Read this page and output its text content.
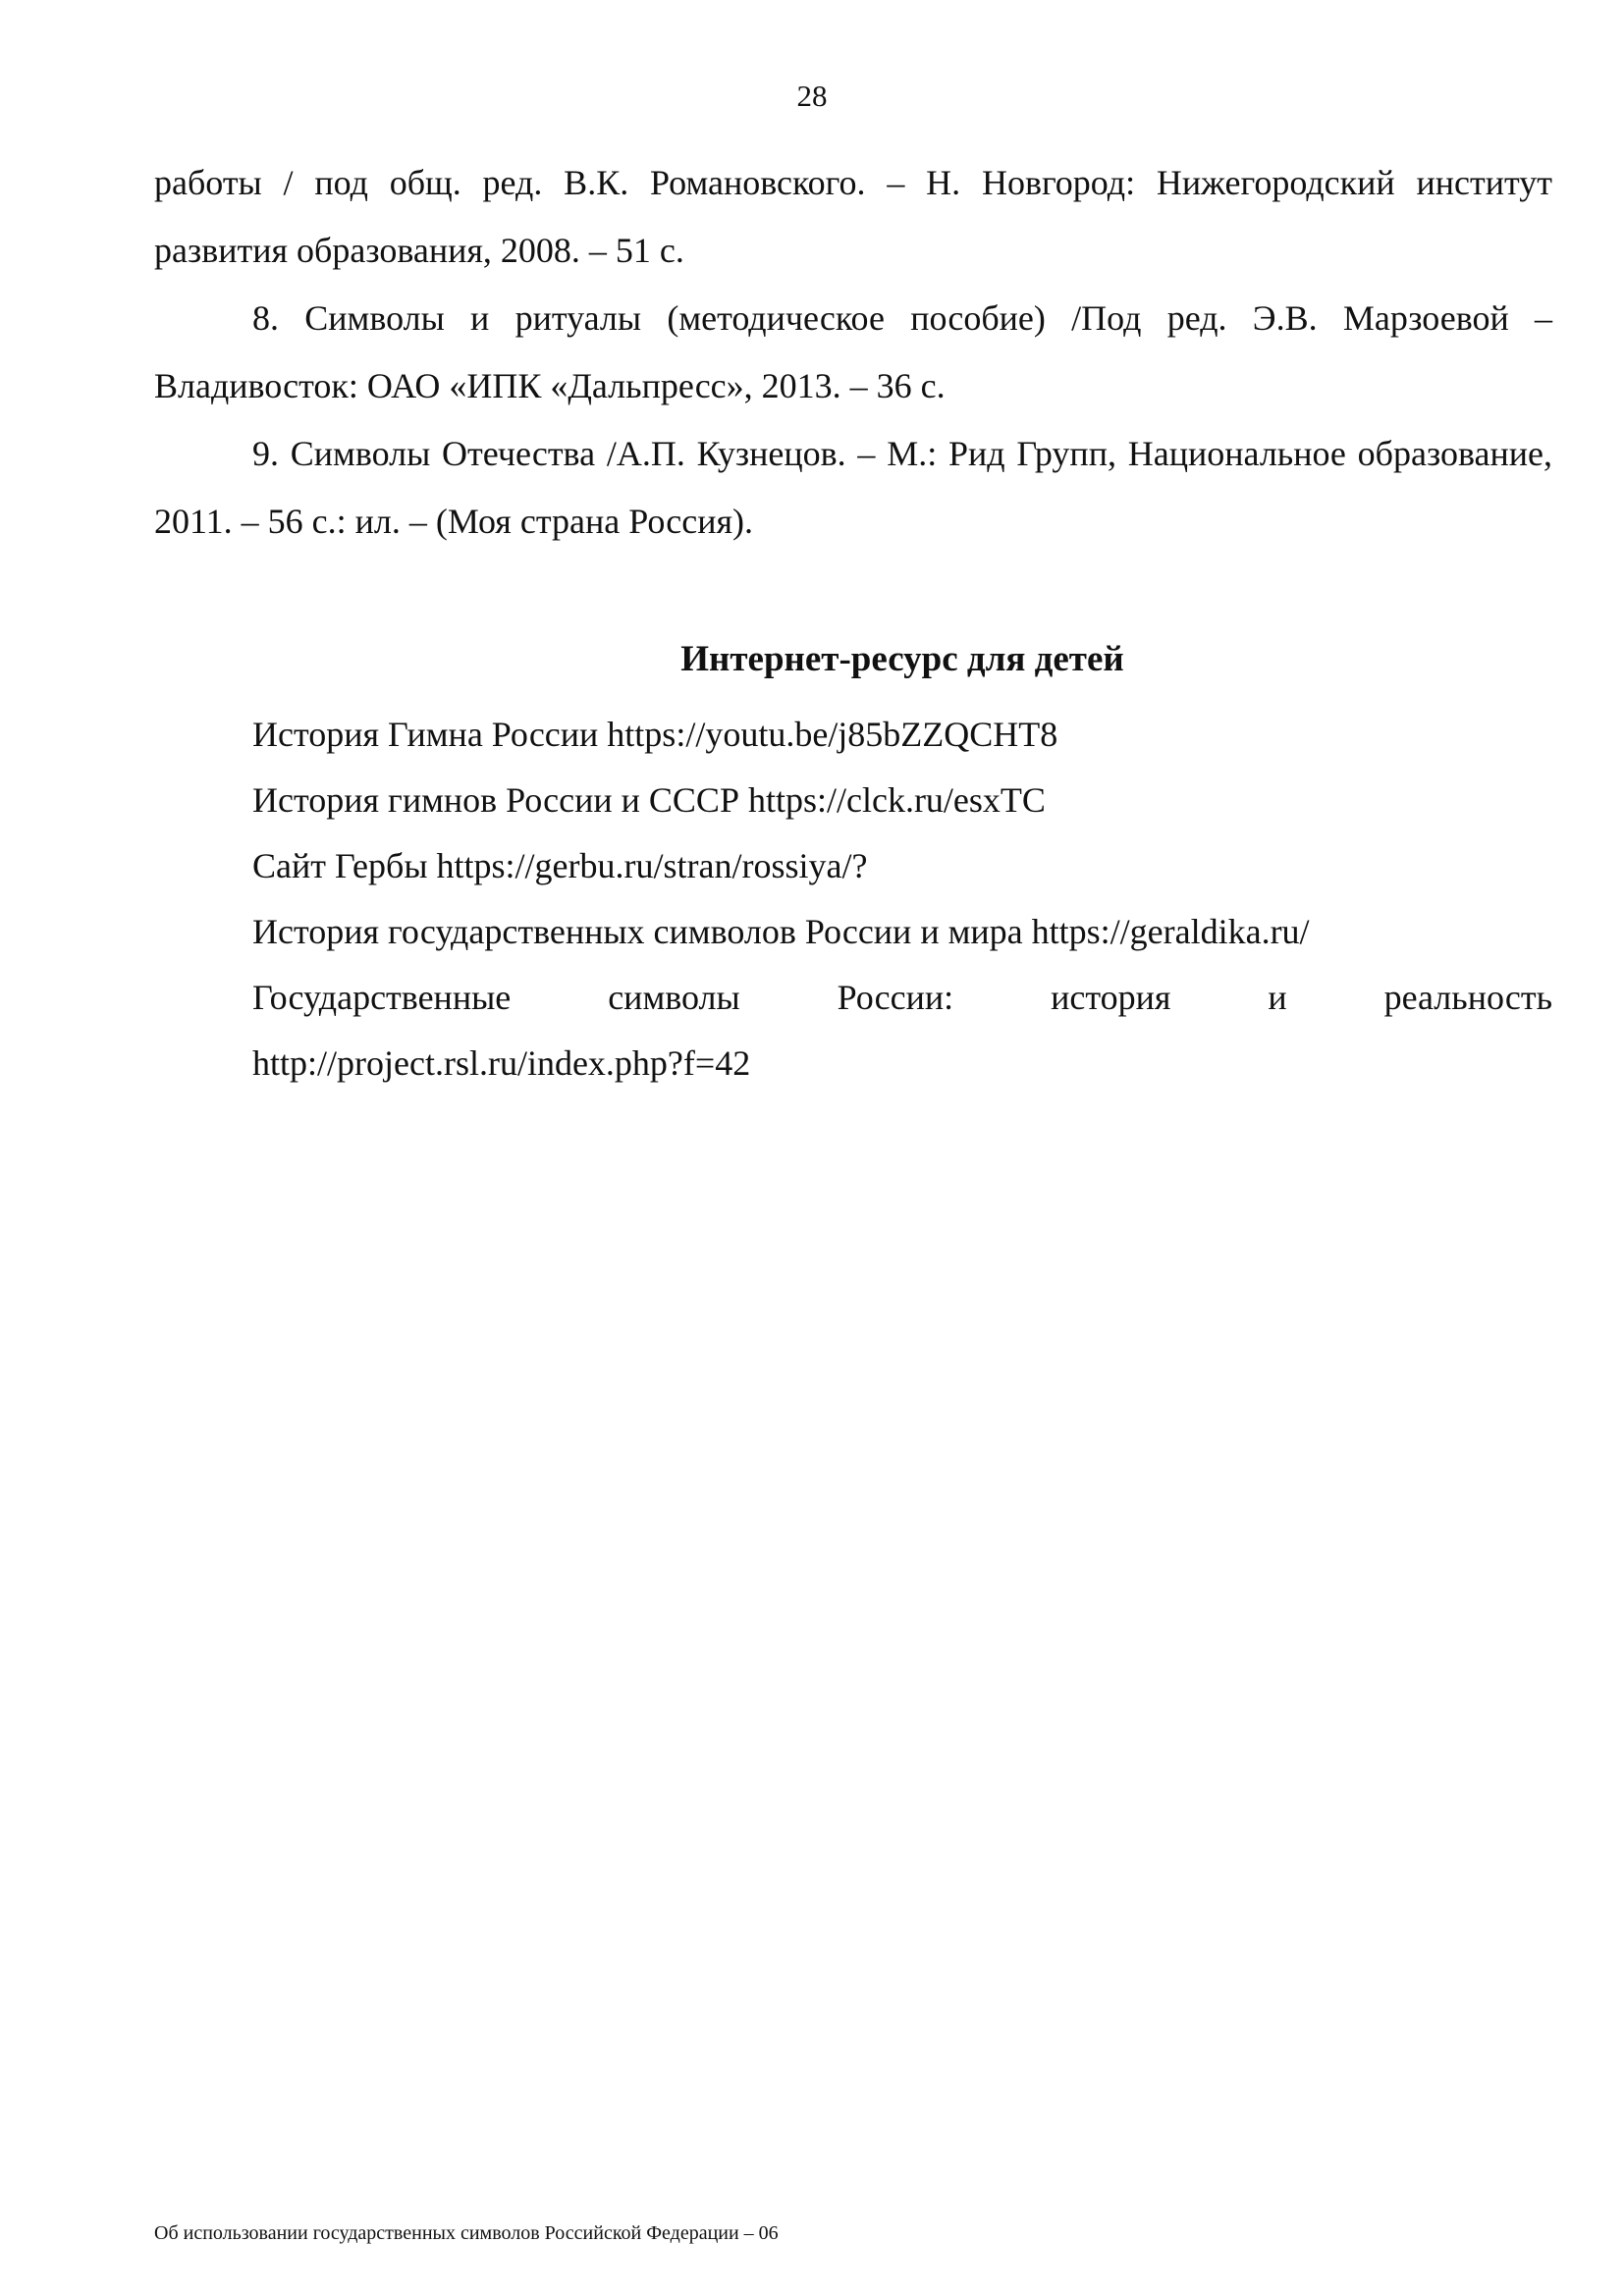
28

работы / под общ. ред. В.К. Романовского. – Н. Новгород: Нижегородский институт развития образования, 2008. – 51 с.

8. Символы и ритуалы (методическое пособие) /Под ред. Э.В. Марзоевой – Владивосток: ОАО «ИПК «Дальпресс», 2013. – 36 с.

9. Символы Отечества /А.П. Кузнецов. – М.: Рид Групп, Национальное образование, 2011. – 56 с.: ил. – (Моя страна Россия).

Интернет-ресурс для детей
История Гимна России https://youtu.be/j85bZZQCHT8
История гимнов России и СССР https://clck.ru/esxTC
Сайт Гербы https://gerbu.ru/stran/rossiya/?
История государственных символов России и мира https://geraldika.ru/
Государственные	символы	России:	история	и	реальность
http://project.rsl.ru/index.php?f=42
Об использовании государственных символов Российской Федерации – 06
